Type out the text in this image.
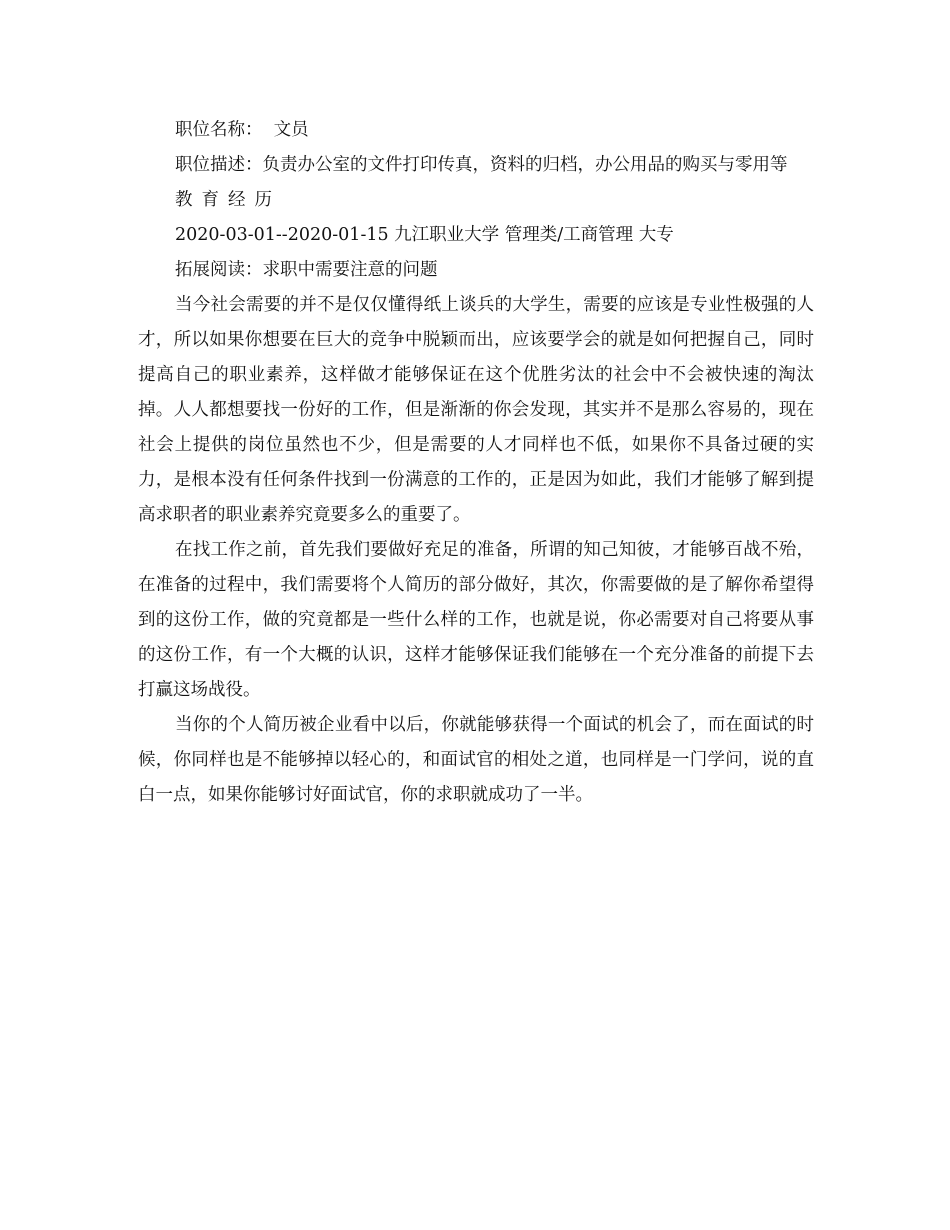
职位名称：  文员

职位描述：负责办公室的文件打印传真，资料的归档，办公用品的购买与零用等

教育经历

2020-03-01--2020-01-15 九江职业大学 管理类/工商管理 大专

拓展阅读：求职中需要注意的问题

当今社会需要的并不是仅仅懂得纸上谈兵的大学生，需要的应该是专业性极强的人才，所以如果你想要在巨大的竞争中脱颖而出，应该要学会的就是如何把握自己，同时提高自己的职业素养，这样做才能够保证在这个优胜劣汰的社会中不会被快速的淘汰掉。人人都想要找一份好的工作，但是渐渐的你会发现，其实并不是那么容易的，现在社会上提供的岗位虽然也不少，但是需要的人才同样也不低，如果你不具备过硬的实力，是根本没有任何条件找到一份满意的工作的，正是因为如此，我们才能够了解到提高求职者的职业素养究竟要多么的重要了。

在找工作之前，首先我们要做好充足的准备，所谓的知己知彼，才能够百战不殆，在准备的过程中，我们需要将个人简历的部分做好，其次，你需要做的是了解你希望得到的这份工作，做的究竟都是一些什么样的工作，也就是说，你必需要对自己将要从事的这份工作，有一个大概的认识，这样才能够保证我们能够在一个充分准备的前提下去打赢这场战役。

当你的个人简历被企业看中以后，你就能够获得一个面试的机会了，而在面试的时候，你同样也是不能够掉以轻心的，和面试官的相处之道，也同样是一门学问，说的直白一点，如果你能够讨好面试官，你的求职就成功了一半。
